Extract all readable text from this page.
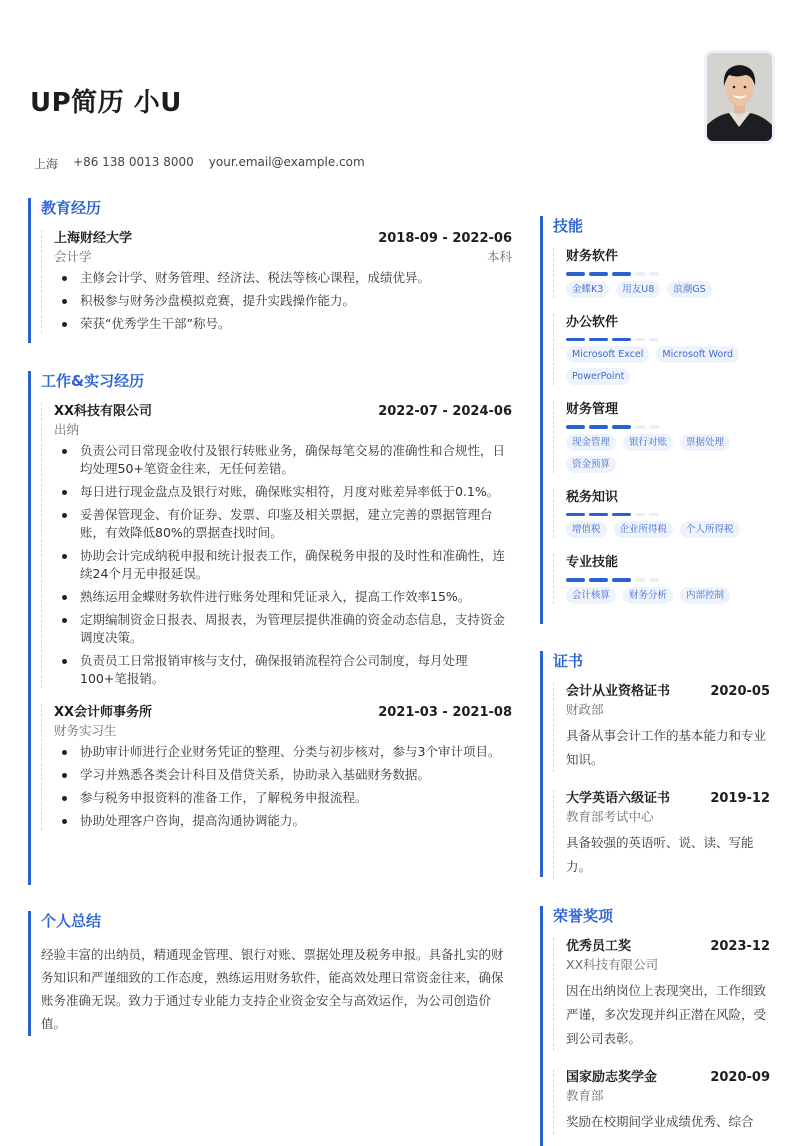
UP简历 小U
上海 +86 138 0013 8000 your.email@example.com
教育经历
上海财经大学	2018-09 - 2022-06
会计学	本科
主修会计学、财务管理、经济法、税法等核心课程，成绩优异。
积极参与财务沙盘模拟竞赛，提升实践操作能力。
荣获“优秀学生干部”称号。
工作&实习经历
XX科技有限公司	2022-07 - 2024-06
出纳
负责公司日常现金收付及银行转账业务，确保每笔交易的准确性和合规性，日均处理50+笔资金往来，无任何差错。
每日进行现金盘点及银行对账，确保账实相符，月度对账差异率低于0.1%。
妥善保管现金、有价证券、发票、印鉴及相关票据，建立完善的票据管理台账，有效降低80%的票据查找时间。
协助会计完成纳税申报和统计报表工作，确保税务申报的及时性和准确性，连续24个月无申报延误。
熟练运用金蝶财务软件进行账务处理和凭证录入，提高工作效率15%。
定期编制资金日报表、周报表，为管理层提供准确的资金动态信息，支持资金调度决策。
负责员工日常报销审核与支付，确保报销流程符合公司制度，每月处理100+笔报销。
XX会计师事务所	2021-03 - 2021-08
财务实习生
协助审计师进行企业财务凭证的整理、分类与初步核对，参与3个审计项目。
学习并熟悉各类会计科目及借贷关系，协助录入基础财务数据。
参与税务申报资料的准备工作，了解税务申报流程。
协助处理客户咨询，提高沟通协调能力。
个人总结
经验丰富的出纳员，精通现金管理、银行对账、票据处理及税务申报。具备扎实的财务知识和严谨细致的工作态度，熟练运用财务软件，能高效处理日常资金往来，确保账务准确无误。致力于通过专业能力支持企业资金安全与高效运作，为公司创造价值。
技能
财务软件
金蝶K3	用友U8	浪潮GS
办公软件
Microsoft Excel	Microsoft Word
PowerPoint
财务管理
现金管理	银行对账	票据处理
资金预算
税务知识
增值税	企业所得税	个人所得税
专业技能
会计核算	财务分析	内部控制
证书
会计从业资格证书	2020-05
财政部
具备从事会计工作的基本能力和专业知识。
大学英语六级证书	2019-12
教育部考试中心
具备较强的英语听、说、读、写能力。
荣誉奖项
优秀员工奖	2023-12
XX科技有限公司
因在出纳岗位上表现突出，工作细致严谨，多次发现并纠正潜在风险，受到公司表彰。
国家励志奖学金	2020-09
教育部
奖励在校期间学业成绩优秀、综合
